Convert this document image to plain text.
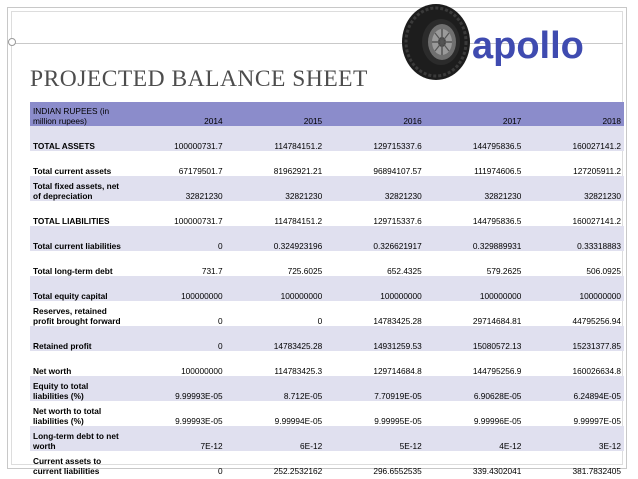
apollo
PROJECTED BALANCE SHEET
INDIAN RUPEES (in million rupees)	2014	2015	2016	2017	2018
TOTAL ASSETS	100000731.7	114784151.2	129715337.6	144795836.5	160027141.2
Total current assets	67179501.7	81962921.21	96894107.57	111974606.5	127205911.2
Total fixed assets, net of depreciation	32821230	32821230	32821230	32821230	32821230
TOTAL LIABILITIES	100000731.7	114784151.2	129715337.6	144795836.5	160027141.2
Total current liabilities	0	0.324923196	0.326621917	0.329889931	0.33318883
Total long-term debt	731.7	725.6025	652.4325	579.2625	506.0925
Total equity capital	100000000	100000000	100000000	100000000	100000000
Reserves, retained profit brought forward	0	0	14783425.28	29714684.81	44795256.94
Retained profit	0	14783425.28	14931259.53	15080572.13	15231377.85
Net worth	100000000	114783425.3	129714684.8	144795256.9	160026634.8
Equity to total liabilities (%)	9.99993E-05	8.712E-05	7.70919E-05	6.90628E-05	6.24894E-05
Net worth to total liabilities (%)	9.99993E-05	9.99994E-05	9.99995E-05	9.99996E-05	9.99997E-05
Long-term debt to net worth	7E-12	6E-12	5E-12	4E-12	3E-12
Current assets to current liabilities	0	252.2532162	296.6552535	339.4302041	381.7832405
